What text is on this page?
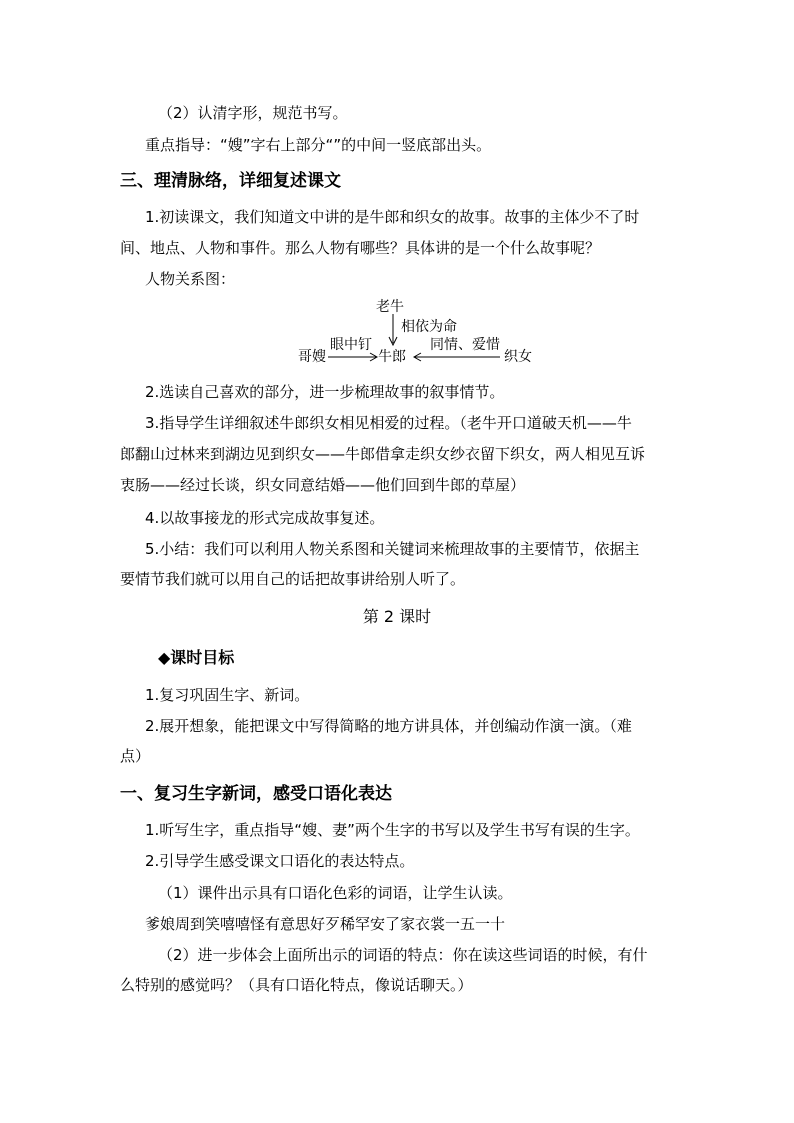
（2）认清字形，规范书写。
重点指导：“嫂”字右上部分“”的中间一竖底部出头。
三、理清脉络，详细复述课文
1.初读课文，我们知道文中讲的是牛郎和织女的故事。故事的主体少不了时
间、地点、人物和事件。那么人物有哪些？具体讲的是一个什么故事呢？
人物关系图：
老牛
相依为命
眼中钉	同情、爱惜
哥嫂	牛郎	织女
2.选读自己喜欢的部分，进一步梳理故事的叙事情节。
3.指导学生详细叙述牛郎织女相见相爱的过程。（老牛开口道破天机——牛
郎翻山过林来到湖边见到织女——牛郎借拿走织女纱衣留下织女，两人相见互诉
衷肠——经过长谈，织女同意结婚——他们回到牛郎的草屋）
4.以故事接龙的形式完成故事复述。
5.小结：我们可以利用人物关系图和关键词来梳理故事的主要情节，依据主
要情节我们就可以用自己的话把故事讲给别人听了。
第 2 课时
◆课时目标
1.复习巩固生字、新词。
2.展开想象，能把课文中写得简略的地方讲具体，并创编动作演一演。（难
点）
一、复习生字新词，感受口语化表达
1.听写生字，重点指导“嫂、妻”两个生字的书写以及学生书写有误的生字。
2.引导学生感受课文口语化的表达特点。
（1）课件出示具有口语化色彩的词语，让学生认读。
爹娘周到笑嘻嘻怪有意思好歹稀罕安了家衣裳一五一十
（2）进一步体会上面所出示的词语的特点：你在读这些词语的时候，有什
么特别的感觉吗？（具有口语化特点，像说话聊天。）
